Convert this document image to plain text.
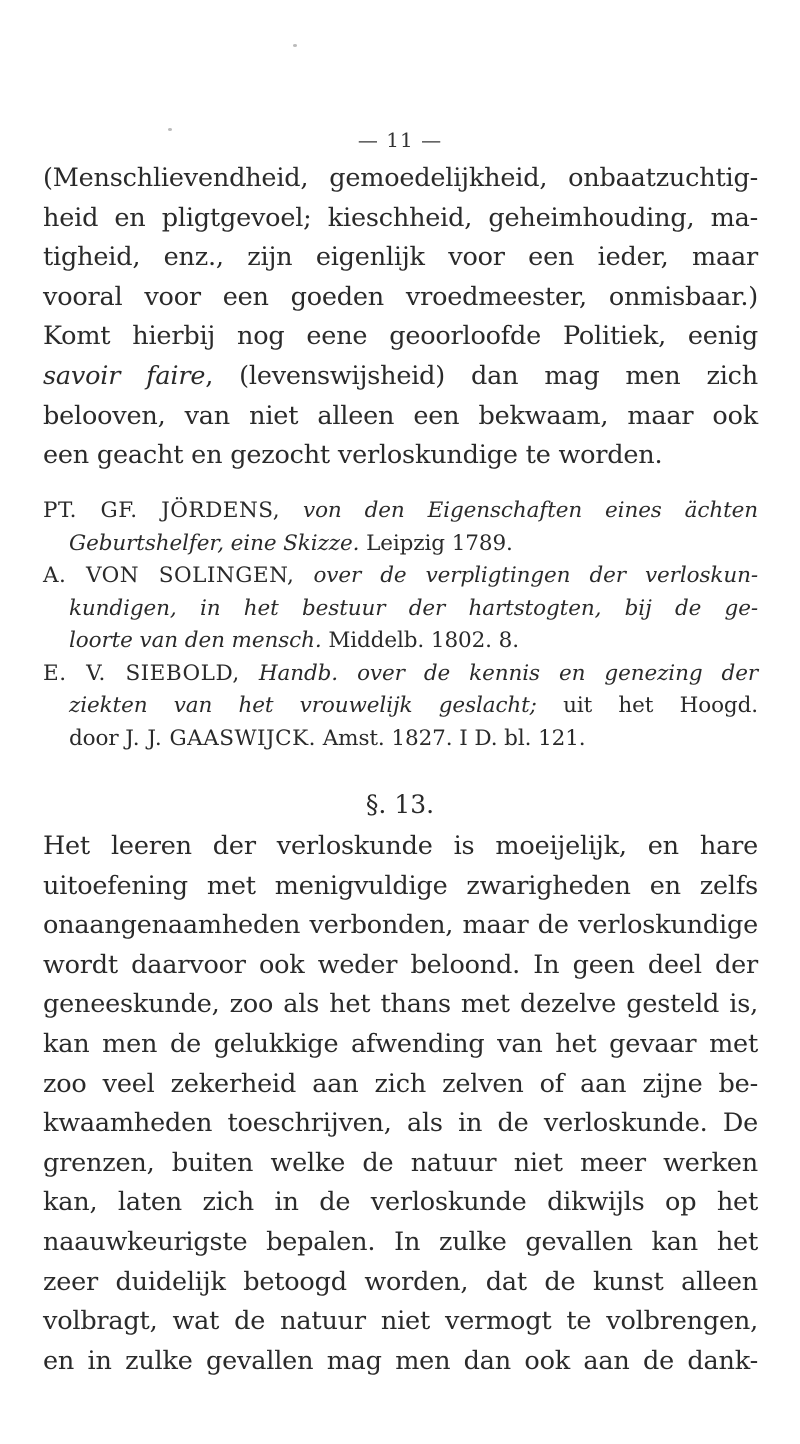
— 11 —
(Menschlievendheid, gemoedelijkheid, onbaatzuchtig-
heid en pligtgevoel; kieschheid, geheimhouding, ma-
tigheid, enz., zijn eigenlijk voor een ieder, maar
vooral voor een goeden vroedmeester, onmisbaar.)
Komt hierbij nog eene geoorloofde Politiek, eenig
savoir faire, (levenswijsheid) dan mag men zich
belooven, van niet alleen een bekwaam, maar ook
een geacht en gezocht verloskundige te worden.
PT. GF. JÖRDENS, von den Eigenschaften eines ächten
Geburtshelfer, eine Skizze. Leipzig 1789.
A. VON SOLINGEN, over de verpligtingen der verloskun-
kundigen, in het bestuur der hartstogten, bij de ge-
loorte van den mensch. Middelb. 1802. 8.
E. V. SIEBOLD, Handb. over de kennis en genezing der
ziekten van het vrouwelijk geslacht; uit het Hoogd.
door J. J. GAASWIJCK. Amst. 1827. I D. bl. 121.
§. 13.
Het leeren der verloskunde is moeijelijk, en hare
uitoefening met menigvuldige zwarigheden en zelfs
onaangenaamheden verbonden, maar de verloskundige
wordt daarvoor ook weder beloond. In geen deel der
geneeskunde, zoo als het thans met dezelve gesteld is,
kan men de gelukkige afwending van het gevaar met
zoo veel zekerheid aan zich zelven of aan zijne be-
kwaamheden toeschrijven, als in de verloskunde. De
grenzen, buiten welke de natuur niet meer werken
kan, laten zich in de verloskunde dikwijls op het
naauwkeurigste bepalen. In zulke gevallen kan het
zeer duidelijk betoogd worden, dat de kunst alleen
volbragt, wat de natuur niet vermogt te volbrengen,
en in zulke gevallen mag men dan ook aan de dank-
